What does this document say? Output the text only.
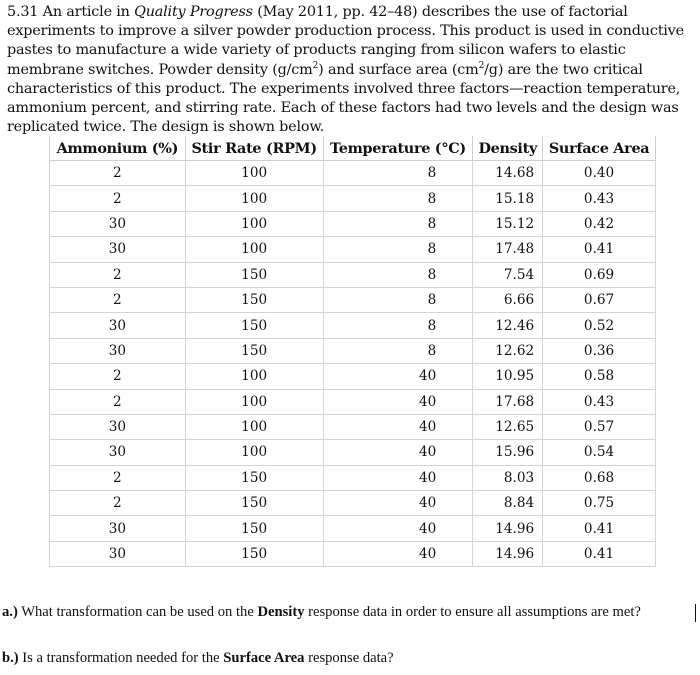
5.31 An article in Quality Progress (May 2011, pp. 42–48) describes the use of factorial experiments to improve a silver powder production process. This product is used in conductive pastes to manufacture a wide variety of products ranging from silicon wafers to elastic membrane switches. Powder density $(g/cm^2)$ and surface area $(cm^2/g)$ are the two critical characteristics of this product. The experiments involved three factors—reaction temperature, ammonium percent, and stirring rate. Each of these factors had two levels and the design was replicated twice. The design is shown below.

Ammonium (%)	Stir Rate (RPM)	Temperature (°C)	Density	Surface Area
2	100	8	14.68	0.40
2	100	8	15.18	0.43
30	100	8	15.12	0.42
30	100	8	17.48	0.41
2	150	8	7.54	0.69
2	150	8	6.66	0.67
30	150	8	12.46	0.52
30	150	8	12.62	0.36
2	100	40	10.95	0.58
2	100	40	17.68	0.43
30	100	40	12.65	0.57
30	100	40	15.96	0.54
2	150	40	8.03	0.68
2	150	40	8.84	0.75
30	150	40	14.96	0.41
30	150	40	14.96	0.41

a.) What transformation can be used on the Density response data in order to ensure all assumptions are met?

b.) Is a transformation needed for the Surface Area response data?
